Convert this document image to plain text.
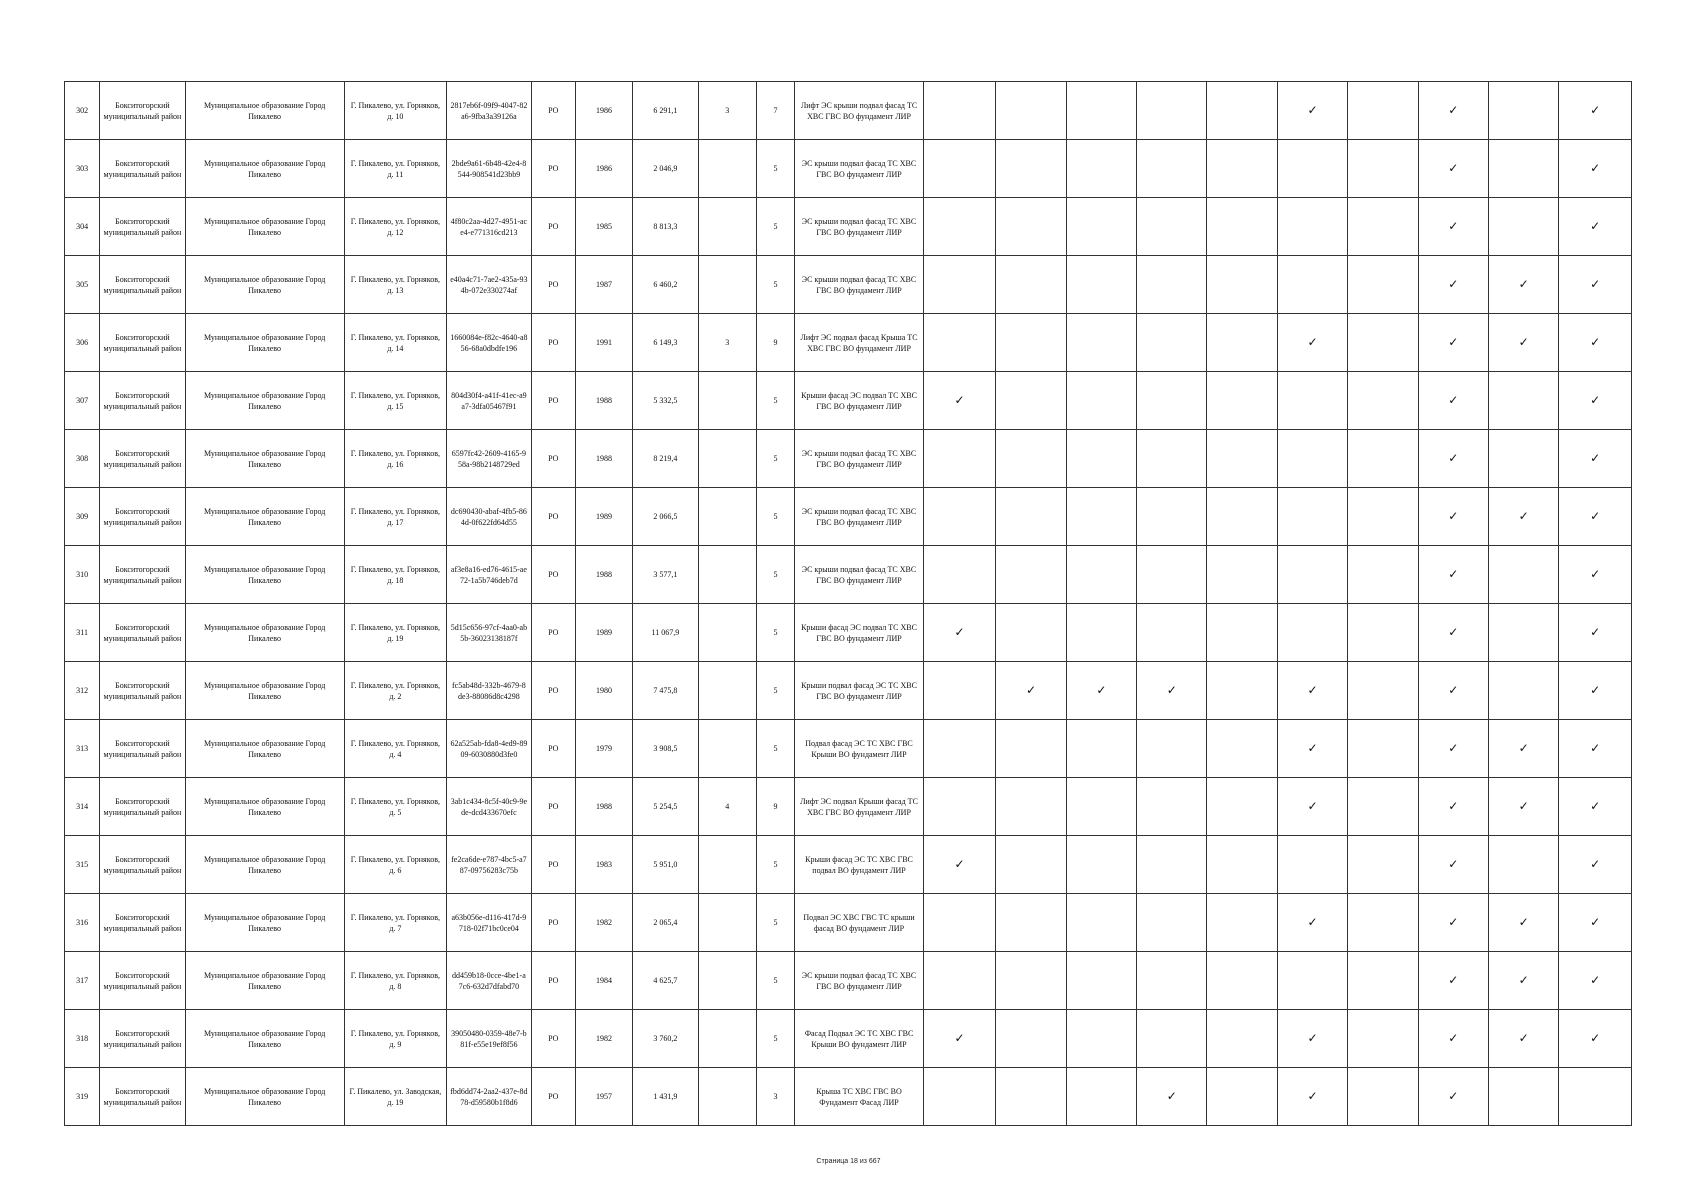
302	Бокситогорский муниципальный район	Муниципальное образование Город Пикалево	Г. Пикалево, ул. Горняков, д. 10	2817eb6f-09f9-4047-82a6-9fba3a39126a	РО	1986	6 291,1	3	7	Лифт ЭС крыши подвал фасад ТС ХВС ГВС ВО фундамент ЛИР						✓		✓		✓
303	Бокситогорский муниципальный район	Муниципальное образование Город Пикалево	Г. Пикалево, ул. Горняков, д. 11	2bde9a61-6b48-42e4-8544-908541d23bb9	РО	1986	2 046,9		5	ЭС крыши подвал фасад ТС ХВС ГВС ВО фундамент ЛИР								✓		✓
304	Бокситогорский муниципальный район	Муниципальное образование Город Пикалево	Г. Пикалево, ул. Горняков, д. 12	4f80c2aa-4d27-4951-ace4-e771316cd213	РО	1985	8 813,3		5	ЭС крыши подвал фасад ТС ХВС ГВС ВО фундамент ЛИР								✓		✓
305	Бокситогорский муниципальный район	Муниципальное образование Город Пикалево	Г. Пикалево, ул. Горняков, д. 13	e40a4c71-7ae2-435a-934b-072e330274af	РО	1987	6 460,2		5	ЭС крыши подвал фасад ТС ХВС ГВС ВО фундамент ЛИР								✓	✓	✓
306	Бокситогорский муниципальный район	Муниципальное образование Город Пикалево	Г. Пикалево, ул. Горняков, д. 14	1660084e-f82c-4640-a856-68a0dbdfe196	РО	1991	6 149,3	3	9	Лифт ЭС подвал фасад Крыша ТС ХВС ГВС ВО фундамент ЛИР						✓		✓	✓	✓
307	Бокситогорский муниципальный район	Муниципальное образование Город Пикалево	Г. Пикалево, ул. Горняков, д. 15	804d30f4-a41f-41ec-a9a7-3dfa05467f91	РО	1988	5 332,5		5	Крыши фасад ЭС подвал ТС ХВС ГВС ВО фундамент ЛИР	✓							✓		✓
308	Бокситогорский муниципальный район	Муниципальное образование Город Пикалево	Г. Пикалево, ул. Горняков, д. 16	6597fc42-2609-4165-958a-98b2148729ed	РО	1988	8 219,4		5	ЭС крыши подвал фасад ТС ХВС ГВС ВО фундамент ЛИР								✓		✓
309	Бокситогорский муниципальный район	Муниципальное образование Город Пикалево	Г. Пикалево, ул. Горняков, д. 17	dc690430-abaf-4fb5-864d-0f622fd64d55	РО	1989	2 066,5		5	ЭС крыши подвал фасад ТС ХВС ГВС ВО фундамент ЛИР								✓	✓	✓
310	Бокситогорский муниципальный район	Муниципальное образование Город Пикалево	Г. Пикалево, ул. Горняков, д. 18	af3e8a16-ed76-4615-ae72-1a5b746deb7d	РО	1988	3 577,1		5	ЭС крыши подвал фасад ТС ХВС ГВС ВО фундамент ЛИР								✓		✓
311	Бокситогорский муниципальный район	Муниципальное образование Город Пикалево	Г. Пикалево, ул. Горняков, д. 19	5d15c656-97cf-4aa0-ab5b-36023138187f	РО	1989	11 067,9		5	Крыши фасад ЭС подвал ТС ХВС ГВС ВО фундамент ЛИР	✓							✓		✓
312	Бокситогорский муниципальный район	Муниципальное образование Город Пикалево	Г. Пикалево, ул. Горняков, д. 2	fc5ab48d-332b-4679-8de3-88086d8c4298	РО	1980	7 475,8		5	Крыши подвал фасад ЭС ТС ХВС ГВС ВО фундамент ЛИР		✓	✓	✓		✓		✓		✓
313	Бокситогорский муниципальный район	Муниципальное образование Город Пикалево	Г. Пикалево, ул. Горняков, д. 4	62a525ab-fda8-4ed9-8909-6030880d3fe0	РО	1979	3 908,5		5	Подвал фасад ЭС ТС ХВС ГВС Крыши ВО фундамент ЛИР						✓		✓	✓	✓
314	Бокситогорский муниципальный район	Муниципальное образование Город Пикалево	Г. Пикалево, ул. Горняков, д. 5	3ab1c434-8c5f-40c9-9ede-dcd433670efc	РО	1988	5 254,5	4	9	Лифт ЭС подвал Крыши фасад ТС ХВС ГВС ВО фундамент ЛИР						✓		✓	✓	✓
315	Бокситогорский муниципальный район	Муниципальное образование Город Пикалево	Г. Пикалево, ул. Горняков, д. 6	fe2ca6de-e787-4bc5-a787-09756283c75b	РО	1983	5 951,0		5	Крыши фасад ЭС ТС ХВС ГВС подвал ВО фундамент ЛИР	✓							✓		✓
316	Бокситогорский муниципальный район	Муниципальное образование Город Пикалево	Г. Пикалево, ул. Горняков, д. 7	a63b056e-d116-417d-9718-02f71bc0ce04	РО	1982	2 065,4		5	Подвал ЭС ХВС ГВС ТС крыши фасад ВО фундамент ЛИР						✓		✓	✓	✓
317	Бокситогорский муниципальный район	Муниципальное образование Город Пикалево	Г. Пикалево, ул. Горняков, д. 8	dd459b18-0cce-4be1-a7c6-632d7dfabd70	РО	1984	4 625,7		5	ЭС крыши подвал фасад ТС ХВС ГВС ВО фундамент ЛИР								✓	✓	✓
318	Бокситогорский муниципальный район	Муниципальное образование Город Пикалево	Г. Пикалево, ул. Горняков, д. 9	39050480-0359-48e7-b81f-e55e19ef8f56	РО	1982	3 760,2		5	Фасад Подвал ЭС ТС ХВС ГВС Крыши ВО фундамент ЛИР	✓					✓		✓	✓	✓
319	Бокситогорский муниципальный район	Муниципальное образование Город Пикалево	Г. Пикалево, ул. Заводская, д. 19	fbd6dd74-2aa2-437e-8d78-d59580b1f8d6	РО	1957	1 431,9		3	Крыша ТС ХВС ГВС ВО Фундамент Фасад ЛИР				✓		✓		✓		
Страница 18 из 667
